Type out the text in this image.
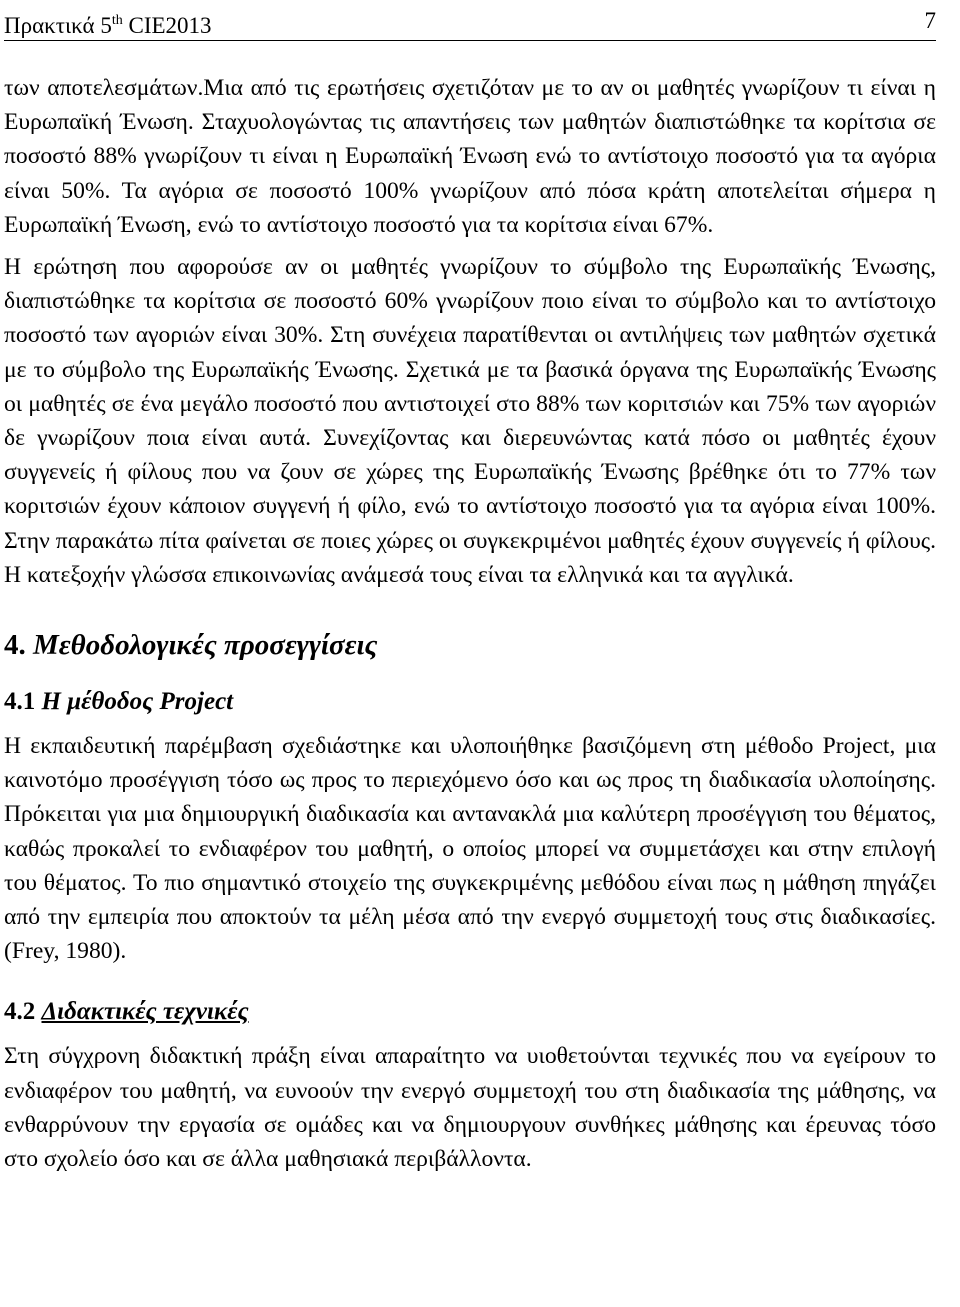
Πρακτικά 5th CIE2013	7

των αποτελεσμάτων.Μια από τις ερωτήσεις σχετιζόταν με το αν οι μαθητές γνωρίζουν τι είναι η Ευρωπαϊκή Ένωση. Σταχυολογώντας τις απαντήσεις των μαθητών διαπιστώθηκε τα κορίτσια σε ποσοστό 88% γνωρίζουν τι είναι η Ευρωπαϊκή Ένωση ενώ το αντίστοιχο ποσοστό για τα αγόρια είναι 50%. Τα αγόρια σε ποσοστό 100% γνωρίζουν από πόσα κράτη αποτελείται σήμερα η Ευρωπαϊκή Ένωση, ενώ το αντίστοιχο ποσοστό για τα κορίτσια είναι 67%.

Η ερώτηση που αφορούσε αν οι μαθητές γνωρίζουν το σύμβολο της Ευρωπαϊκής Ένωσης, διαπιστώθηκε τα κορίτσια σε ποσοστό 60% γνωρίζουν ποιο είναι το σύμβολο και το αντίστοιχο ποσοστό των αγοριών είναι 30%. Στη συνέχεια παρατίθενται οι αντιλήψεις των μαθητών σχετικά με το σύμβολο της Ευρωπαϊκής Ένωσης. Σχετικά με τα βασικά όργανα της Ευρωπαϊκής Ένωσης οι μαθητές σε ένα μεγάλο ποσοστό που αντιστοιχεί στο 88% των κοριτσιών και 75% των αγοριών δε γνωρίζουν ποια είναι αυτά. Συνεχίζοντας και διερευνώντας κατά πόσο οι μαθητές έχουν συγγενείς ή φίλους που να ζουν σε χώρες της Ευρωπαϊκής Ένωσης βρέθηκε ότι το 77% των κοριτσιών έχουν κάποιον συγγενή ή φίλο, ενώ το αντίστοιχο ποσοστό για τα αγόρια είναι 100%. Στην παρακάτω πίτα φαίνεται σε ποιες χώρες οι συγκεκριμένοι μαθητές έχουν συγγενείς ή φίλους. Η κατεξοχήν γλώσσα επικοινωνίας ανάμεσά τους είναι τα ελληνικά και τα αγγλικά.

4. Μεθοδολογικές προσεγγίσεις
4.1 Η μέθοδος Project

Η εκπαιδευτική παρέμβαση σχεδιάστηκε και υλοποιήθηκε βασιζόμενη στη μέθοδο Project, μια καινοτόμο προσέγγιση τόσο ως προς το περιεχόμενο όσο και ως προς τη διαδικασία υλοποίησης. Πρόκειται για μια δημιουργική διαδικασία και αντανακλά μια καλύτερη προσέγγιση του θέματος, καθώς προκαλεί το ενδιαφέρον του μαθητή, ο οποίος μπορεί να συμμετάσχει και στην επιλογή του θέματος. Το πιο σημαντικό στοιχείο της συγκεκριμένης μεθόδου είναι πως η μάθηση πηγάζει από την εμπειρία που αποκτούν τα μέλη μέσα από την ενεργό συμμετοχή τους στις διαδικασίες. (Frey, 1980).

4.2 Διδακτικές τεχνικές

Στη σύγχρονη διδακτική πράξη είναι απαραίτητο να υιοθετούνται τεχνικές που να εγείρουν το ενδιαφέρον του μαθητή, να ευνοούν την ενεργό συμμετοχή του στη διαδικασία της μάθησης, να ενθαρρύνουν την εργασία σε ομάδες και να δημιουργουν συνθήκες μάθησης και έρευνας τόσο στο σχολείο όσο και σε άλλα μαθησιακά περιβάλλοντα.
